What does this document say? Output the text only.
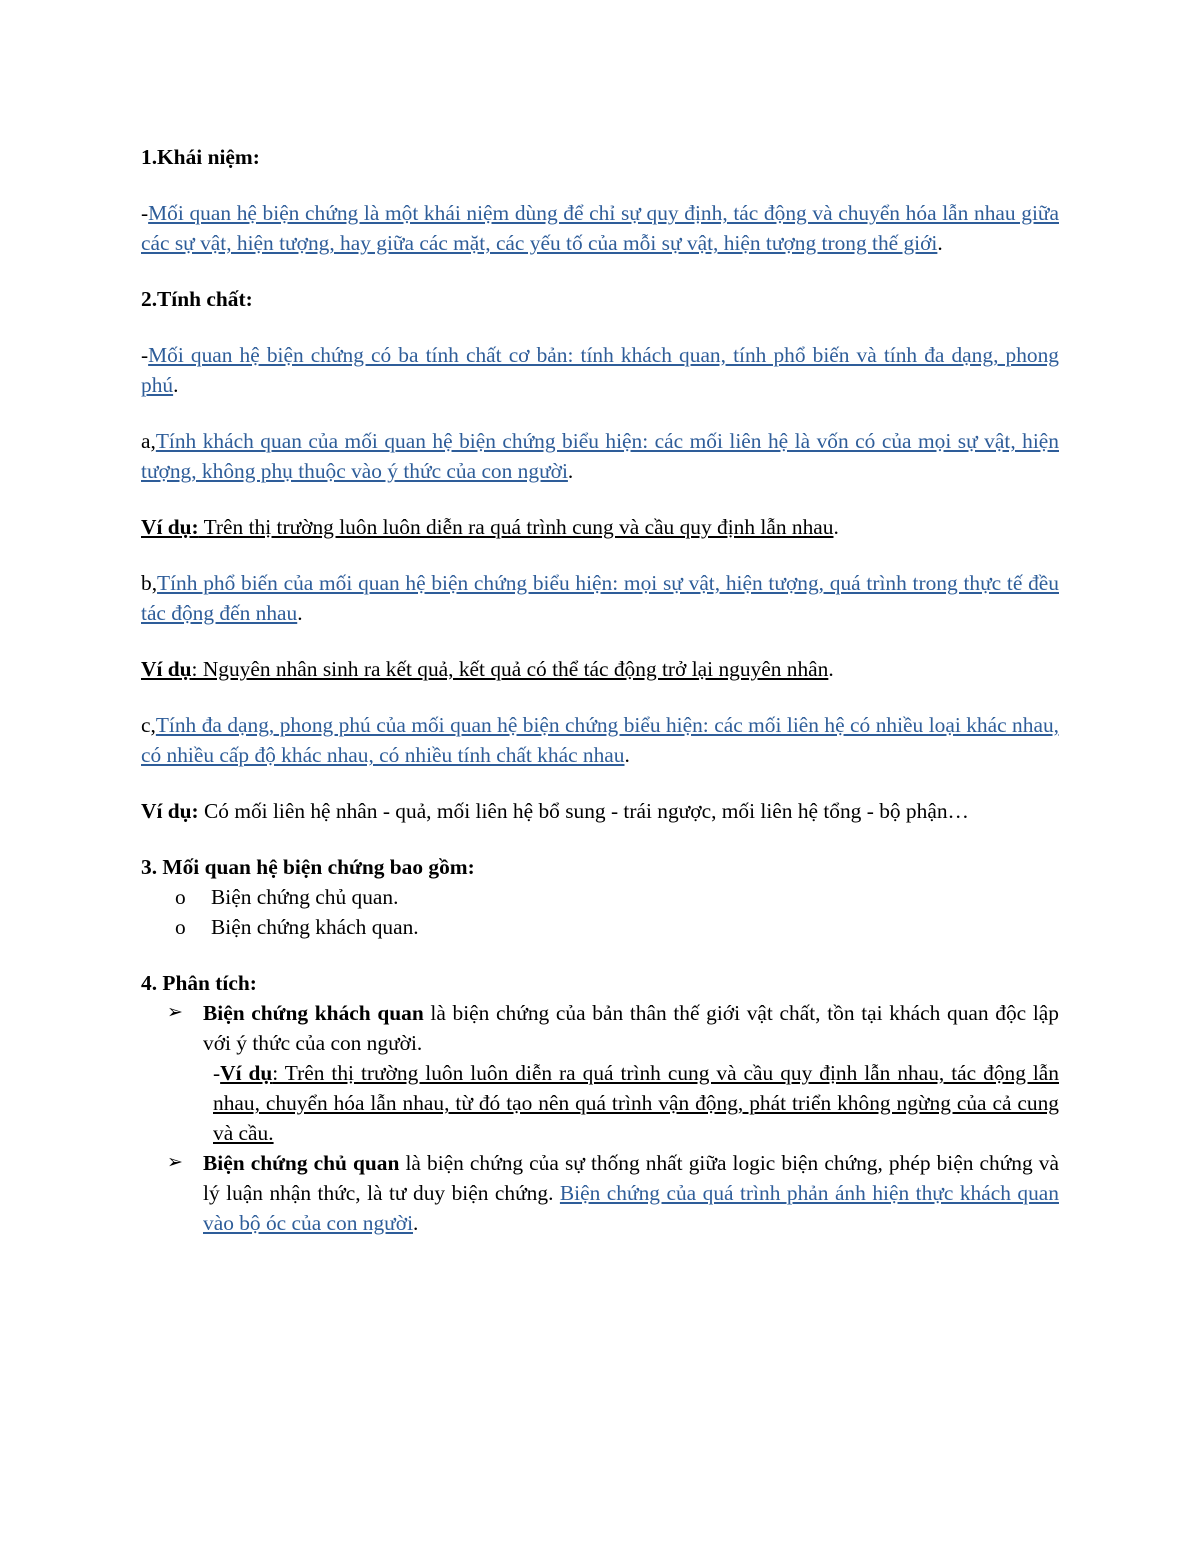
1.Khái niệm:

-Mối quan hệ biện chứng là một khái niệm dùng để chỉ sự quy định, tác động và chuyển hóa lẫn nhau giữa các sự vật, hiện tượng, hay giữa các mặt, các yếu tố của mỗi sự vật, hiện tượng trong thế giới.

2.Tính chất:

-Mối quan hệ biện chứng có ba tính chất cơ bản: tính khách quan, tính phổ biến và tính đa dạng, phong phú.

a,Tính khách quan của mối quan hệ biện chứng biểu hiện: các mối liên hệ là vốn có của mọi sự vật, hiện tượng, không phụ thuộc vào ý thức của con người.

Ví dụ: Trên thị trường luôn luôn diễn ra quá trình cung và cầu quy định lẫn nhau.

b,Tính phổ biến của mối quan hệ biện chứng biểu hiện: mọi sự vật, hiện tượng, quá trình trong thực tế đều tác động đến nhau.

Ví dụ: Nguyên nhân sinh ra kết quả, kết quả có thể tác động trở lại nguyên nhân.

c,Tính đa dạng, phong phú của mối quan hệ biện chứng biểu hiện: các mối liên hệ có nhiều loại khác nhau, có nhiều cấp độ khác nhau, có nhiều tính chất khác nhau.

Ví dụ: Có mối liên hệ nhân - quả, mối liên hệ bổ sung - trái ngược, mối liên hệ tổng - bộ phận…

3. Mối quan hệ biện chứng bao gồm:

o Biện chứng chủ quan.
o Biện chứng khách quan.

4. Phân tích:

➢ Biện chứng khách quan là biện chứng của bản thân thế giới vật chất, tồn tại khách quan độc lập với ý thức của con người.
-Ví dụ: Trên thị trường luôn luôn diễn ra quá trình cung và cầu quy định lẫn nhau, tác động lẫn nhau, chuyển hóa lẫn nhau, từ đó tạo nên quá trình vận động, phát triển không ngừng của cả cung và cầu.
➢ Biện chứng chủ quan là biện chứng của sự thống nhất giữa logic biện chứng, phép biện chứng và lý luận nhận thức, là tư duy biện chứng. Biện chứng của quá trình phản ánh hiện thực khách quan vào bộ óc của con người.
